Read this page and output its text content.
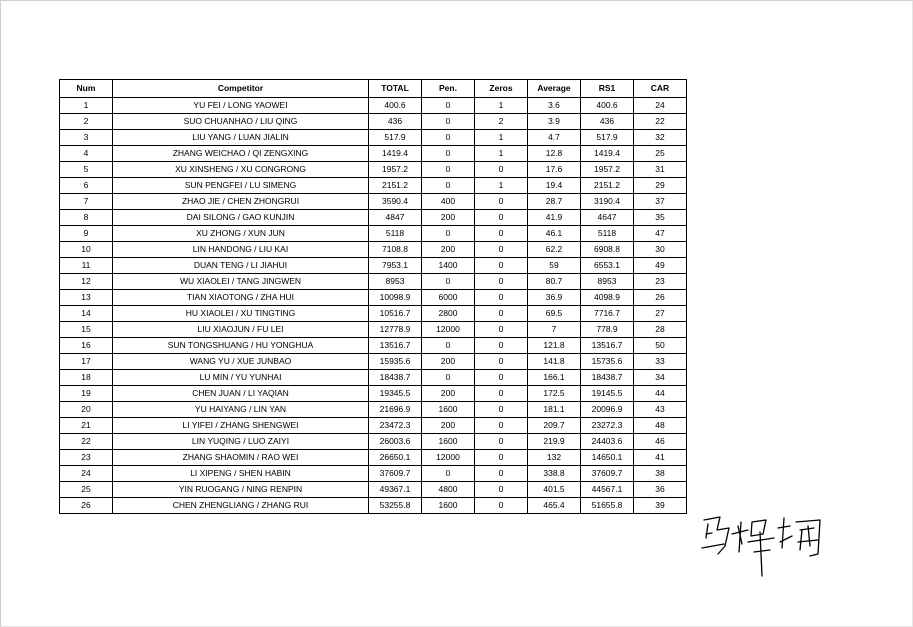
Num	Competitor	TOTAL	Pen.	Zeros	Average	RS1	CAR
1	YU FEI / LONG YAOWEI	400.6	0	1	3.6	400.6	24
2	SUO CHUANHAO / LIU QING	436	0	2	3.9	436	22
3	LIU YANG / LUAN JIALIN	517.9	0	1	4.7	517.9	32
4	ZHANG WEICHAO / QI ZENGXING	1419.4	0	1	12.8	1419.4	25
5	XU XINSHENG / XU CONGRONG	1957.2	0	0	17.6	1957.2	31
6	SUN PENGFEI / LU SIMENG	2151.2	0	1	19.4	2151.2	29
7	ZHAO JIE / CHEN ZHONGRUI	3590.4	400	0	28.7	3190.4	37
8	DAI SILONG / GAO KUNJIN	4847	200	0	41.9	4647	35
9	XU ZHONG / XUN JUN	5118	0	0	46.1	5118	47
10	LIN HANDONG / LIU KAI	7108.8	200	0	62.2	6908.8	30
11	DUAN TENG / LI JIAHUI	7953.1	1400	0	59	6553.1	49
12	WU XIAOLEI / TANG JINGWEN	8953	0	0	80.7	8953	23
13	TIAN XIAOTONG / ZHA HUI	10098.9	6000	0	36.9	4098.9	26
14	HU XIAOLEI / XU TINGTING	10516.7	2800	0	69.5	7716.7	27
15	LIU XIAOJUN / FU LEI	12778.9	12000	0	7	778.9	28
16	SUN TONGSHUANG / HU YONGHUA	13516.7	0	0	121.8	13516.7	50
17	WANG YU / XUE JUNBAO	15935.6	200	0	141.8	15735.6	33
18	LU MIN / YU YUNHAI	18438.7	0	0	166.1	18438.7	34
19	CHEN JUAN / LI YAQIAN	19345.5	200	0	172.5	19145.5	44
20	YU HAIYANG / LIN YAN	21696.9	1600	0	181.1	20096.9	43
21	LI YIFEI / ZHANG SHENGWEI	23472.3	200	0	209.7	23272.3	48
22	LIN YUQING / LUO ZAIYI	26003.6	1600	0	219.9	24403.6	46
23	ZHANG SHAOMIN / RAO WEI	26650.1	12000	0	132	14650.1	41
24	LI XIPENG / SHEN HABIN	37609.7	0	0	338.8	37609.7	38
25	YIN RUOGANG / NING RENPIN	49367.1	4800	0	401.5	44567.1	36
26	CHEN ZHENGLIANG / ZHANG RUI	53255.8	1600	0	465.4	51655.8	39
